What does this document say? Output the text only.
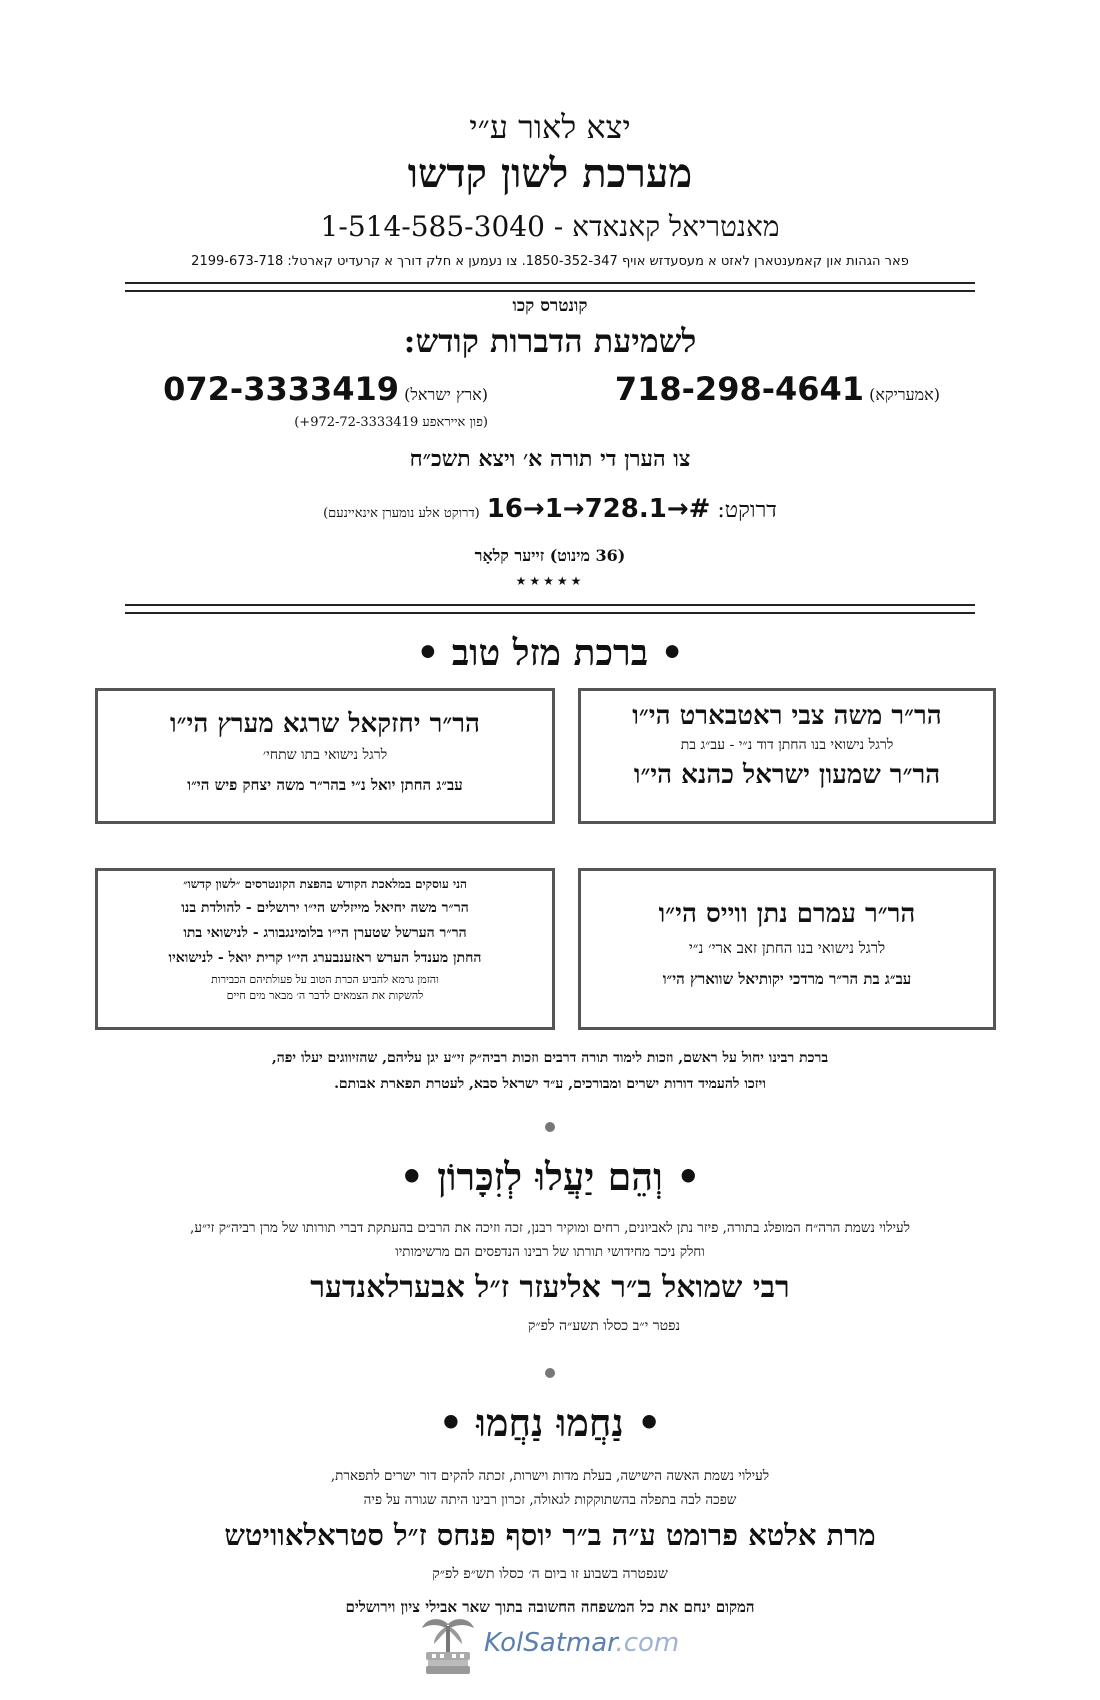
יצא לאור ע״י
מערכת לשון קדשו
מאנטריאל קאנאדא - 1-514-585-3040
פאר הגהות און קאמענטארן לאזט א מעסעדזש אויף 1850-352-347. צו נעמען א חלק דורך א קרעדיט קארטל: 2199-673-718
קונטרס קכו
לשמיעת הדברות קודש:
(אמעריקא) 718-298-4641
(ארץ ישראל) 072-3333419
(פון אייראפע 972-72-3333419+)
צו הערן די תורה א׳ ויצא תשכ״ח
דרוקט: 16→1→728.1→# (דרוקט אלע נומערן אינאיינעם)
(36 מינוט) זייער קלאָר
★★★★★
• ברכת מזל טוב •
הר״ר משה צבי ראטבארט הי״ו
לרגל נישואי בנו החתן דוד נ״י - עב״ג בת
הר״ר שמעון ישראל כהנא הי״ו
הר״ר יחזקאל שרגא מערץ הי״ו
לרגל נישואי בתו שתחי׳
עב״ג החתן יואל נ״י בהר״ר משה יצחק פיש הי״ו
הר״ר עמרם נתן ווייס הי״ו
לרגל נישואי בנו החתן זאב ארי׳ נ״י
עב״ג בת הר״ר מרדכי יקותיאל שווארץ הי״ו
הני עוסקים במלאכת הקודש בהפצת הקונטרסים ״לשון קדשו״
הר״ר משה יחיאל מייזליש הי״ו ירושלים - להולדת בנו
הר״ר הערשל שטערן הי״ו בלומינגבורג - לנישואי בתו
החתן מענדל הערש ראזענבערג הי״ו קרית יואל - לנישואיו
והזמן גרמא להביע הכרת הטוב על פעולתיהם הכבירות
להשקות את הצמאים לדבר ה׳ מבאר מים חיים
ברכת רבינו יחול על ראשם, וזכות לימוד תורה דרבים וזכות רביה״ק זי״ע יגן עליהם, שהזיווגים יעלו יפה,
ויזכו להעמיד דורות ישרים ומבורכים, ע״ד ישראל סבא, לעטרת תפארת אבותם.
• וְהֵם יַעֲלוּ לְזִכָּרוֹן •
לעילוי נשמת הרה״ח המופלג בתורה, פיזר נתן לאביונים, רחים ומוקיר רבנן, זכה וזיכה את הרבים בהעתקת דברי תורותו של מרן רביה״ק זי״ע,
וחלק ניכר מחידושי תורתו של רבינו הנדפסים הם מרשימותיו
רבי שמואל ב״ר אליעזר ז״ל אבערלאנדער
נפטר י״ב כסלו תשע״ה לפ״ק
• נַחֲמוּ נַחֲמוּ •
לעילוי נשמת האשה הישישה, בעלת מדות וישרות, זכתה להקים דור ישרים לתפארת,
שפכה לבה בתפלה בהשתוקקות לגאולה, זכרון רבינו היתה שגורה על פיה
מרת אלטא פרומט ע״ה ב״ר יוסף פנחס ז״ל סטראלאוויטש
שנפטרה בשבוע זו ביום ה׳ כסלו תש״פ לפ״ק
המקום ינחם את כל המשפחה החשובה בתוך שאר אבילי ציון וירושלים
KolSatmar.com
